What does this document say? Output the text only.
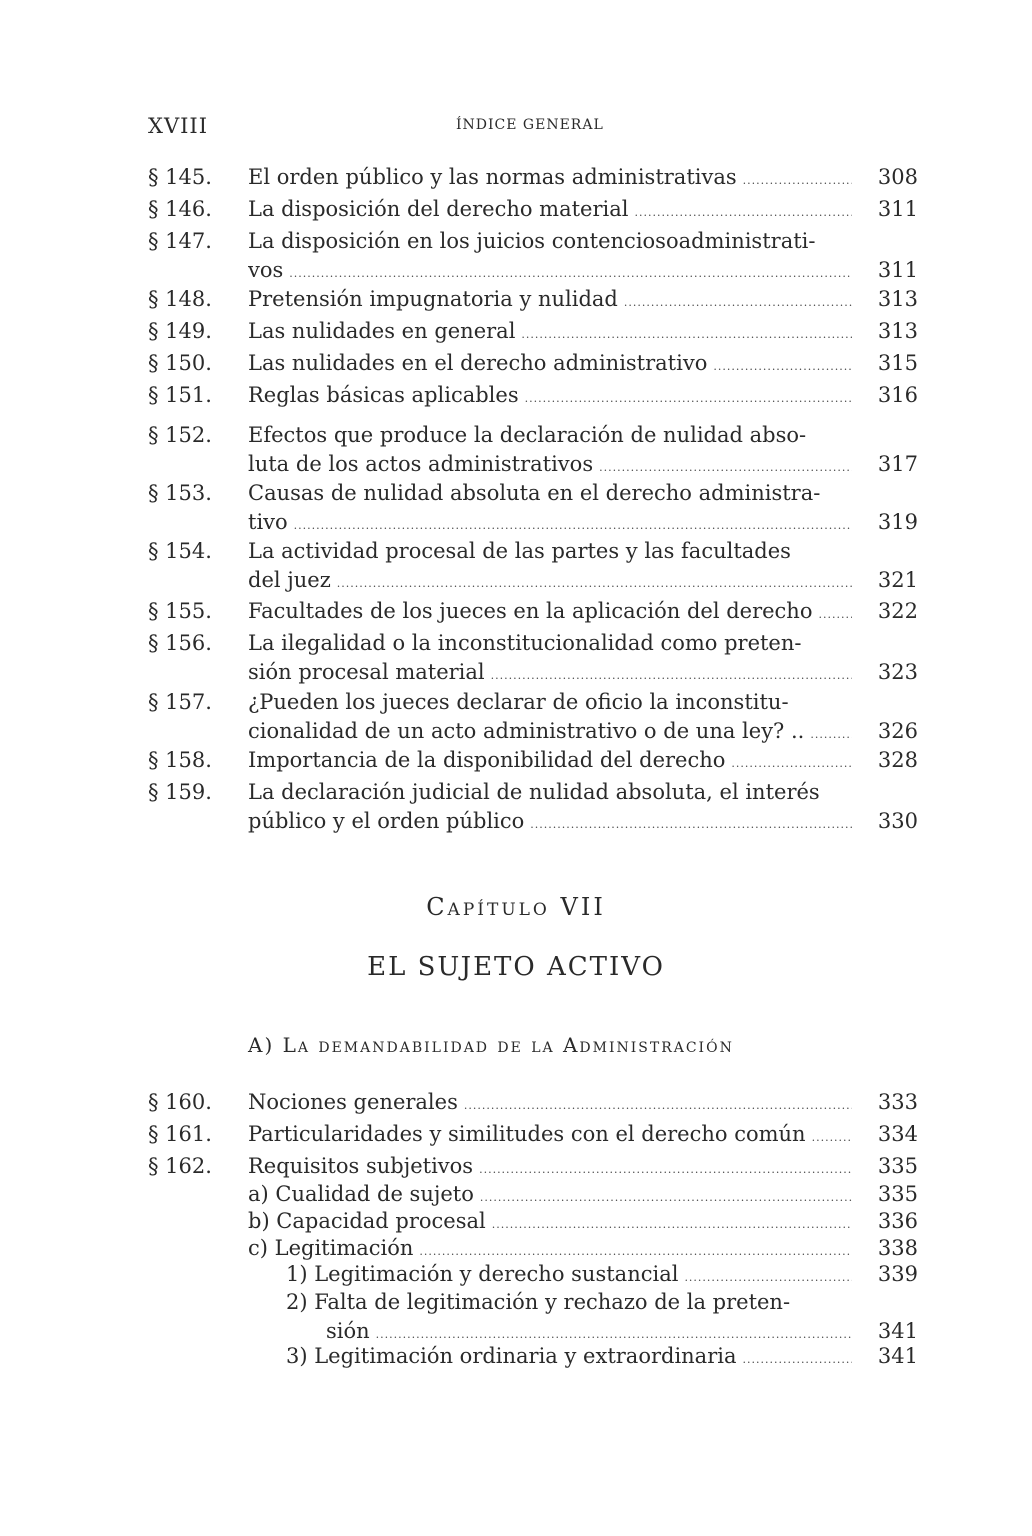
XVIII	ÍNDICE GENERAL
§ 145. El orden público y las normas administrativas .....	308
§ 146. La disposición del derecho material .....	311
§ 147. La disposición en los juicios contenciosoadministrati-
vos .....	311
§ 148. Pretensión impugnatoria y nulidad .....	313
§ 149. Las nulidades en general .....	313
§ 150. Las nulidades en el derecho administrativo .....	315
§ 151. Reglas básicas aplicables .....	316
§ 152. Efectos que produce la declaración de nulidad abso-
luta de los actos administrativos .....	317
§ 153. Causas de nulidad absoluta en el derecho administra-
tivo .....	319
§ 154. La actividad procesal de las partes y las facultades
del juez .....	321
§ 155. Facultades de los jueces en la aplicación del derecho .....	322
§ 156. La ilegalidad o la inconstitucionalidad como preten-
sión procesal material .....	323
§ 157. ¿Pueden los jueces declarar de oficio la inconstitu-
cionalidad de un acto administrativo o de una ley? .. .....	326
§ 158. Importancia de la disponibilidad del derecho .....	328
§ 159. La declaración judicial de nulidad absoluta, el interés
público y el orden público .....	330
Capítulo VII
EL SUJETO ACTIVO
A) La demandabilidad de la Administración
§ 160. Nociones generales .....	333
§ 161. Particularidades y similitudes con el derecho común .....	334
§ 162. Requisitos subjetivos .....	335
a) Cualidad de sujeto .....	335
b) Capacidad procesal .....	336
c) Legitimación .....	338
1) Legitimación y derecho sustancial .....	339
2) Falta de legitimación y rechazo de la preten-
sión .....	341
3) Legitimación ordinaria y extraordinaria .....	341
